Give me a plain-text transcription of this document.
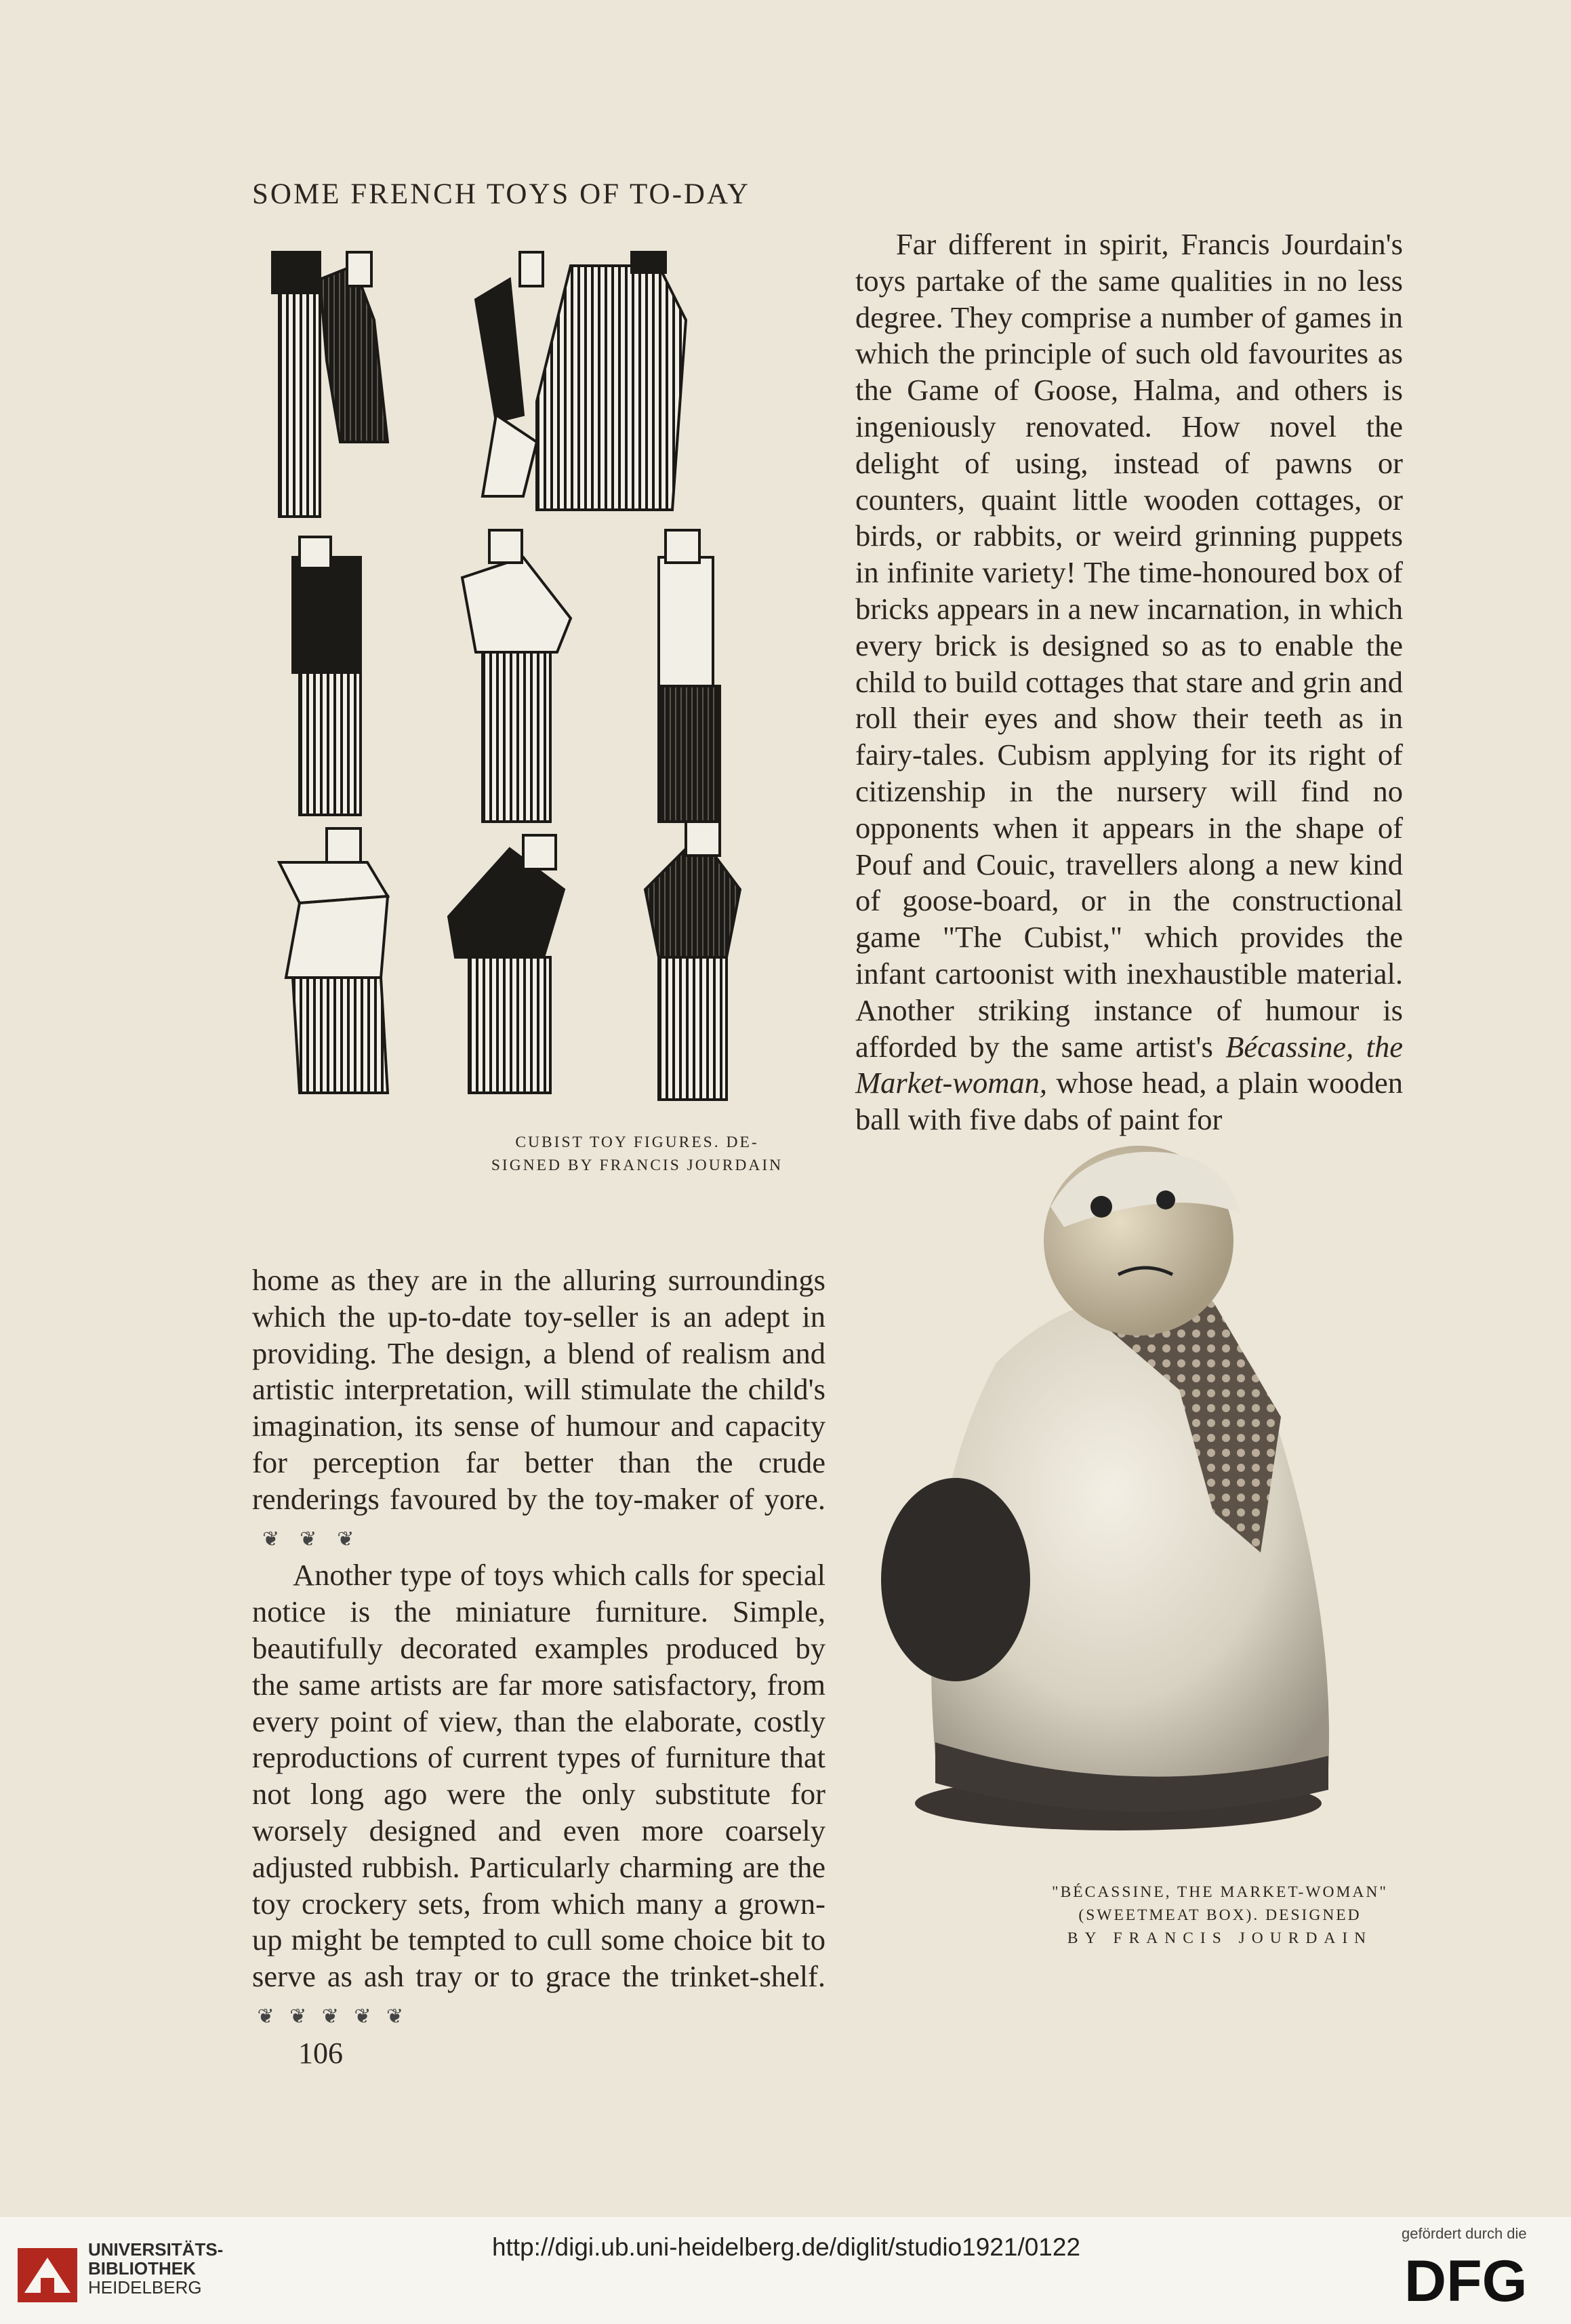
SOME FRENCH TOYS OF TO-DAY
CUBIST TOY FIGURES. DE-
SIGNED BY FRANCIS JOURDAIN

Far different in spirit, Francis Jourdain's toys partake of the same qualities in no less degree. They comprise a number of games in which the principle of such old favourites as the Game of Goose, Halma, and others is ingeniously renovated. How novel the delight of using, instead of pawns or counters, quaint little wooden cottages, or birds, or rabbits, or weird grinning puppets in infinite variety! The time-honoured box of bricks appears in a new incarnation, in which every brick is designed so as to enable the child to build cottages that stare and grin and roll their eyes and show their teeth as in fairy-tales. Cubism applying for its right of citizenship in the nursery will find no opponents when it appears in the shape of Pouf and Couic, travellers along a new kind of goose-board, or in the constructional game "The Cubist," which provides the infant cartoonist with inexhaustible material. Another striking instance of humour is afforded by the same artist's Bécassine, the Market-woman, whose head, a plain wooden ball with five dabs of paint for

"BÉCASSINE, THE MARKET-WOMAN"
(SWEETMEAT BOX). DESIGNED
BY FRANCIS JOURDAIN

home as they are in the alluring surroundings which the up-to-date toy-seller is an adept in providing. The design, a blend of realism and artistic interpretation, will stimulate the child's imagination, its sense of humour and capacity for perception far better than the crude renderings favoured by the toy-maker of yore.   ❦    ❦    ❦

Another type of toys which calls for special notice is the miniature furniture. Simple, beautifully decorated examples produced by the same artists are far more satisfactory, from every point of view, than the elaborate, costly reproductions of current types of furniture that not long ago were the only substitute for worsely designed and even more coarsely adjusted rubbish. Particularly charming are the toy crockery sets, from which many a grown-up might be tempted to cull some choice bit to serve as ash tray or to grace the trinket-shelf.  ❦   ❦   ❦   ❦   ❦

106
UNIVERSITÄTS-
BIBLIOTHEK
HEIDELBERG
http://digi.ub.uni-heidelberg.de/diglit/studio1921/0122	gefördert durch die
DFG
